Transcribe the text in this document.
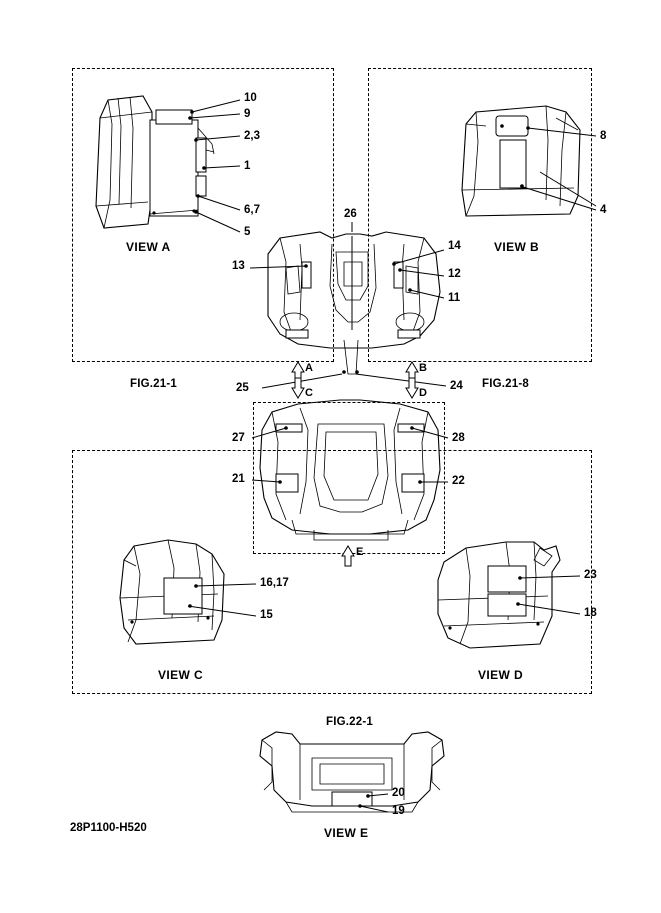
10
9
2,3
1
6,7
5
8
4
26
14
13
12
11
25	24
27	28
21	22
16,17
15
23
18
20
19
A	B
C	D
E
FIG.21-1	FIG.21-8
FIG.22-1
VIEW A	VIEW B
VIEW C	VIEW D
VIEW E
28P1100-H520
